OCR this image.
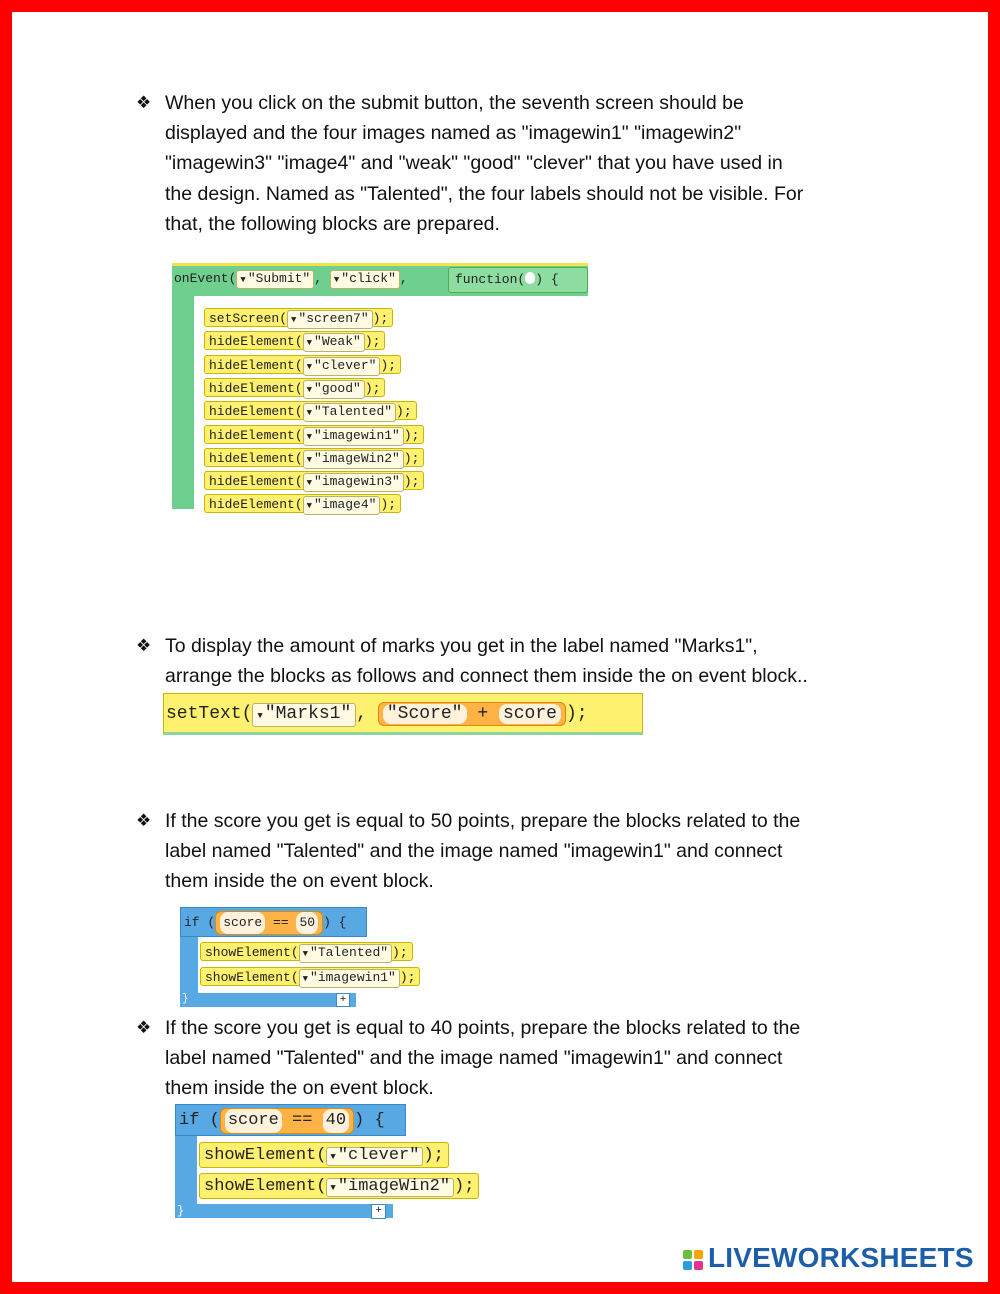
❖ When you click on the submit button, the seventh screen should be
displayed and the four images named as "imagewin1" "imagewin2"
"imagewin3" "image4" and "weak" "good" "clever" that you have used in
the design. Named as "Talented", the four labels should not be visible. For
that, the following blocks are prepared.
onEvent( ▼ "Submit" , ▼ "click" ,	function( ) {
setScreen( ▼ "screen7" );
hideElement( ▼ "Weak" );
hideElement( ▼ "clever" );
hideElement( ▼ "good" );
hideElement( ▼ "Talented" );
hideElement( ▼ "imagewin1" );
hideElement( ▼ "imageWin2" );
hideElement( ▼ "imagewin3" );
hideElement( ▼ "image4" );
❖ To display the amount of marks you get in the label named "Marks1",
arrange the blocks as follows and connect them inside the on event block..
setText( ▼ "Marks1" , "Score" + score );
❖ If the score you get is equal to 50 points, prepare the blocks related to the
label named "Talented" and the image named "imagewin1" and connect
them inside the on event block.
if ( score == 50 ) {
showElement( ▼ "Talented" );
showElement( ▼ "imagewin1" );
}	+
❖ If the score you get is equal to 40 points, prepare the blocks related to the
label named "Talented" and the image named "imagewin1" and connect
them inside the on event block.
if ( score == 40 ) {
showElement( ▼ "clever" );
showElement( ▼ "imageWin2" );
}	+
LIVEWORKSHEETS
